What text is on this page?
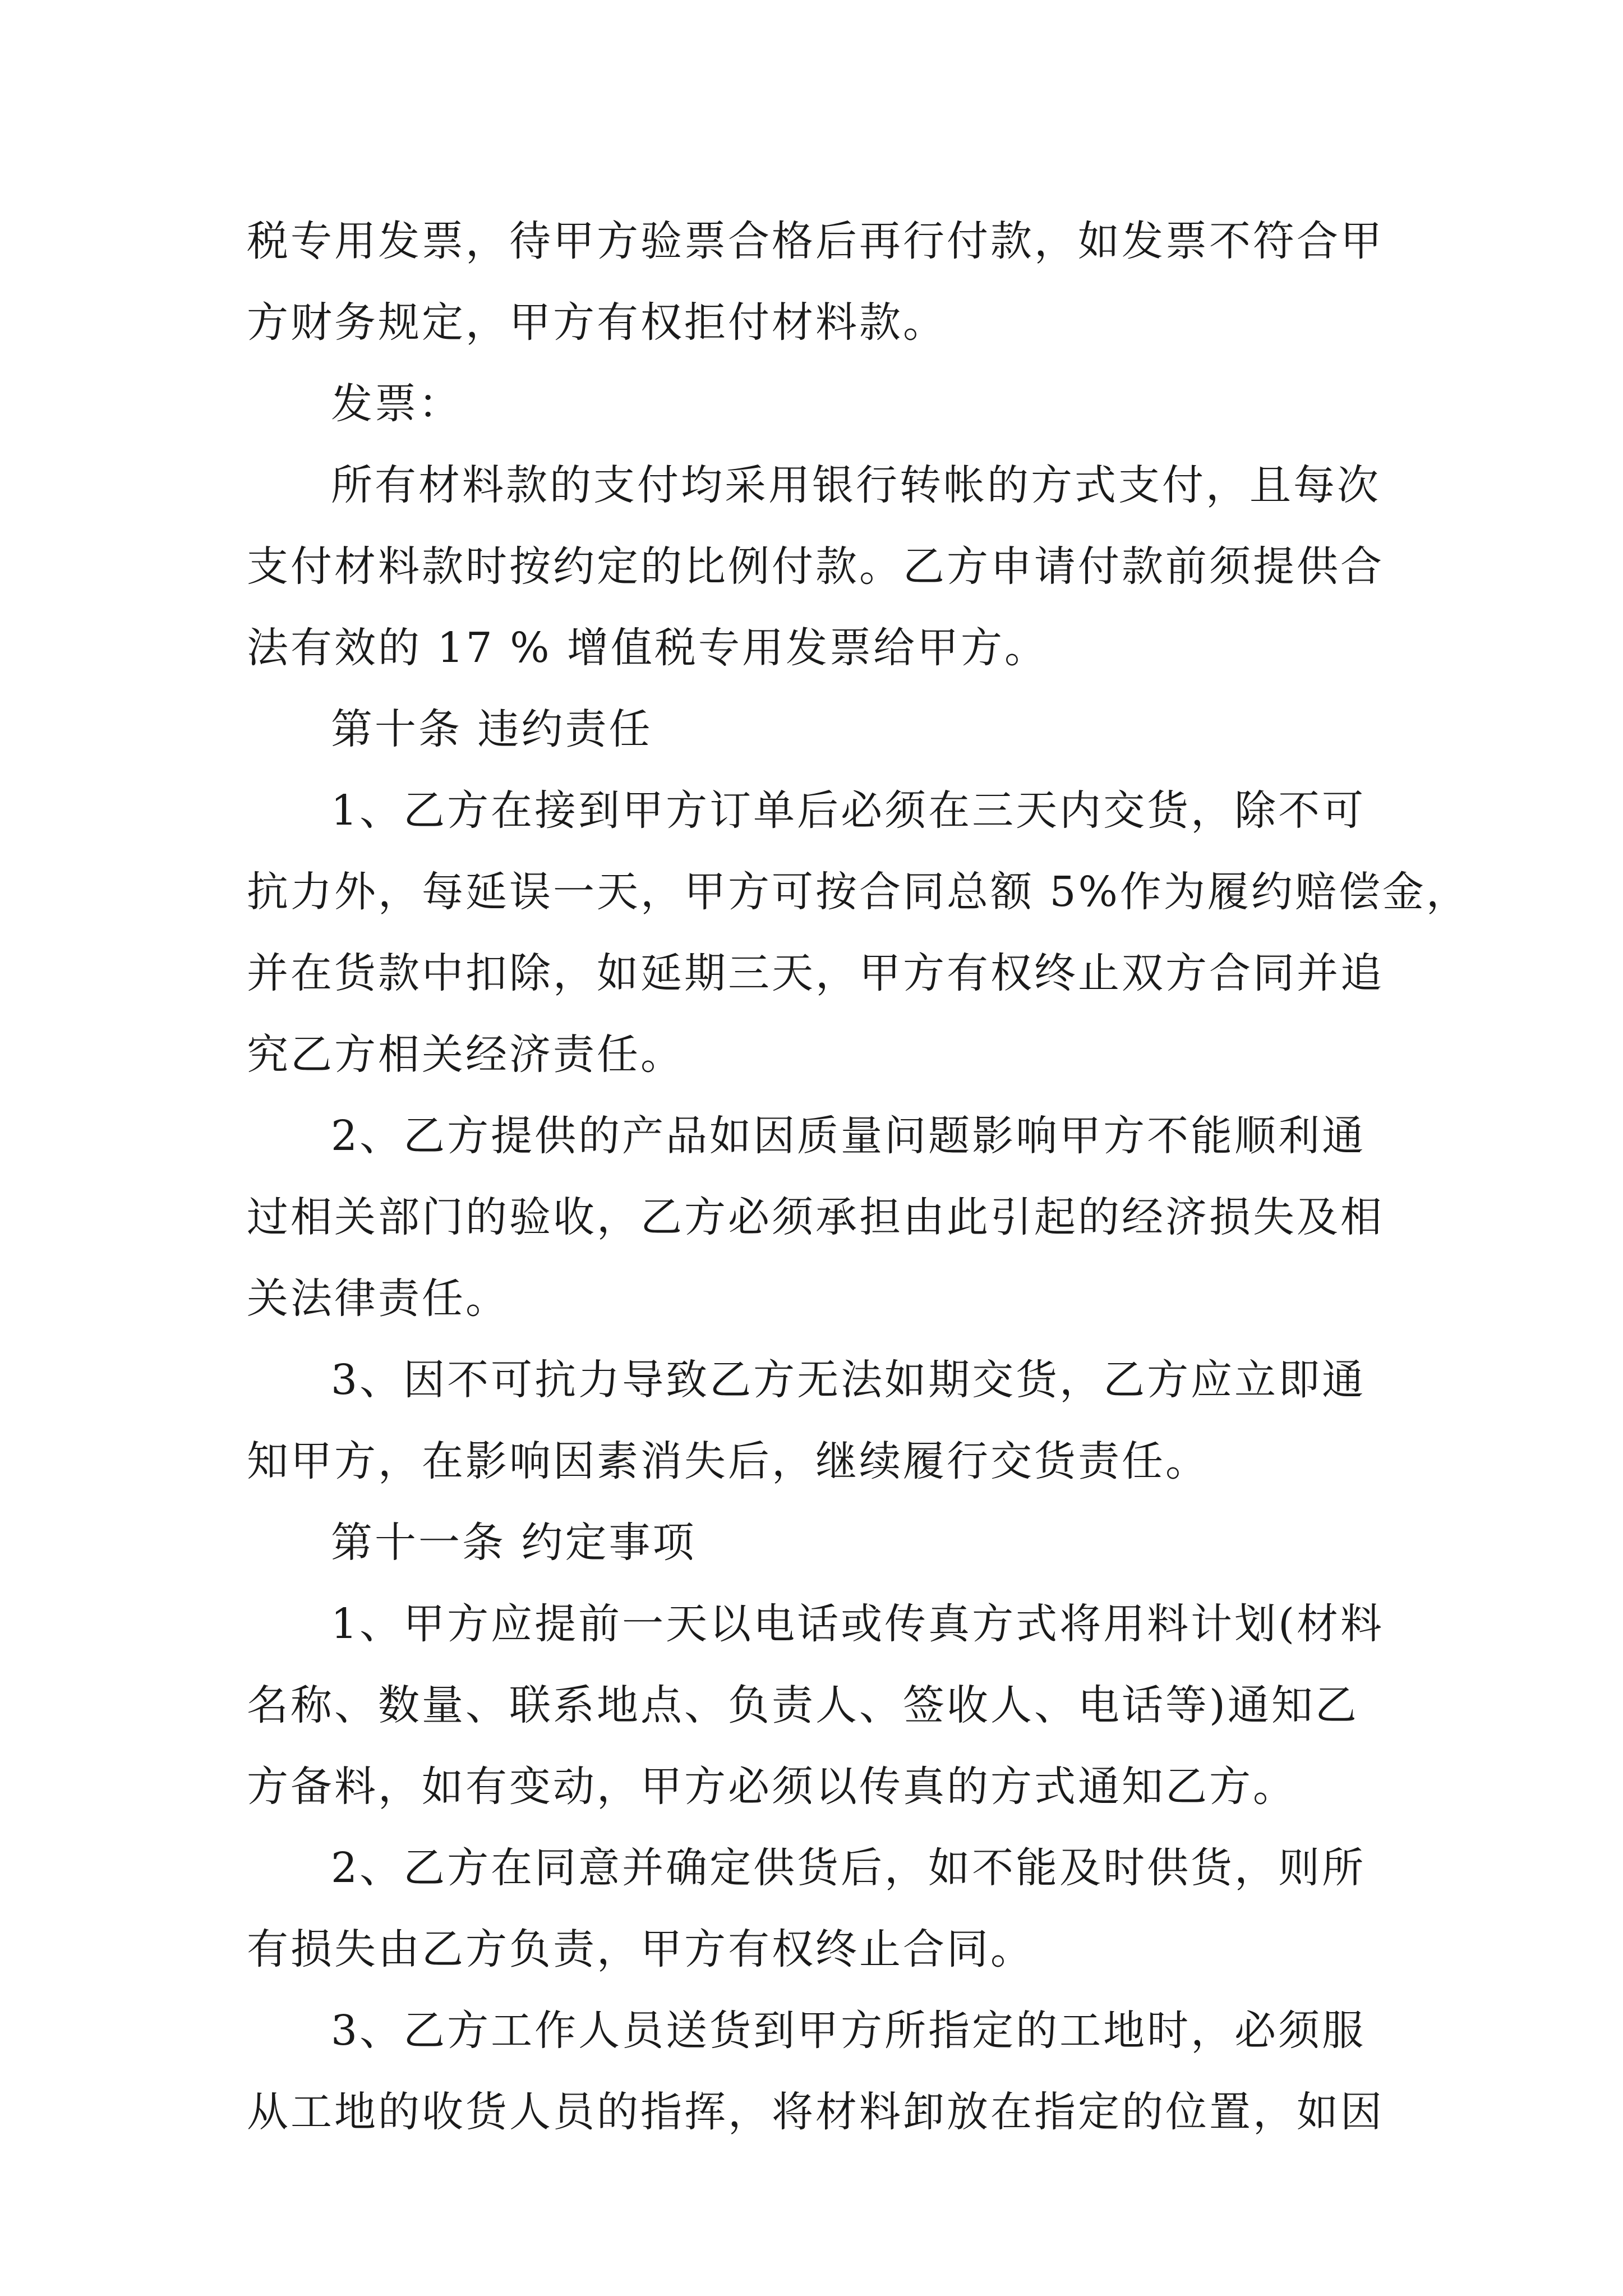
税专用发票，待甲方验票合格后再行付款，如发票不符合甲
方财务规定，甲方有权拒付材料款。
发票：
所有材料款的支付均采用银行转帐的方式支付，且每次
支付材料款时按约定的比例付款。乙方申请付款前须提供合
法有效的 17 % 增值税专用发票给甲方。
第十条 违约责任
1、乙方在接到甲方订单后必须在三天内交货，除不可
抗力外，每延误一天，甲方可按合同总额 5%作为履约赔偿金，
并在货款中扣除，如延期三天，甲方有权终止双方合同并追
究乙方相关经济责任。
2、乙方提供的产品如因质量问题影响甲方不能顺利通
过相关部门的验收，乙方必须承担由此引起的经济损失及相
关法律责任。
3、因不可抗力导致乙方无法如期交货，乙方应立即通
知甲方，在影响因素消失后，继续履行交货责任。
第十一条 约定事项
1、甲方应提前一天以电话或传真方式将用料计划(材料
名称、数量、联系地点、负责人、签收人、电话等)通知乙
方备料，如有变动，甲方必须以传真的方式通知乙方。
2、乙方在同意并确定供货后，如不能及时供货，则所
有损失由乙方负责，甲方有权终止合同。
3、乙方工作人员送货到甲方所指定的工地时，必须服
从工地的收货人员的指挥，将材料卸放在指定的位置，如因
